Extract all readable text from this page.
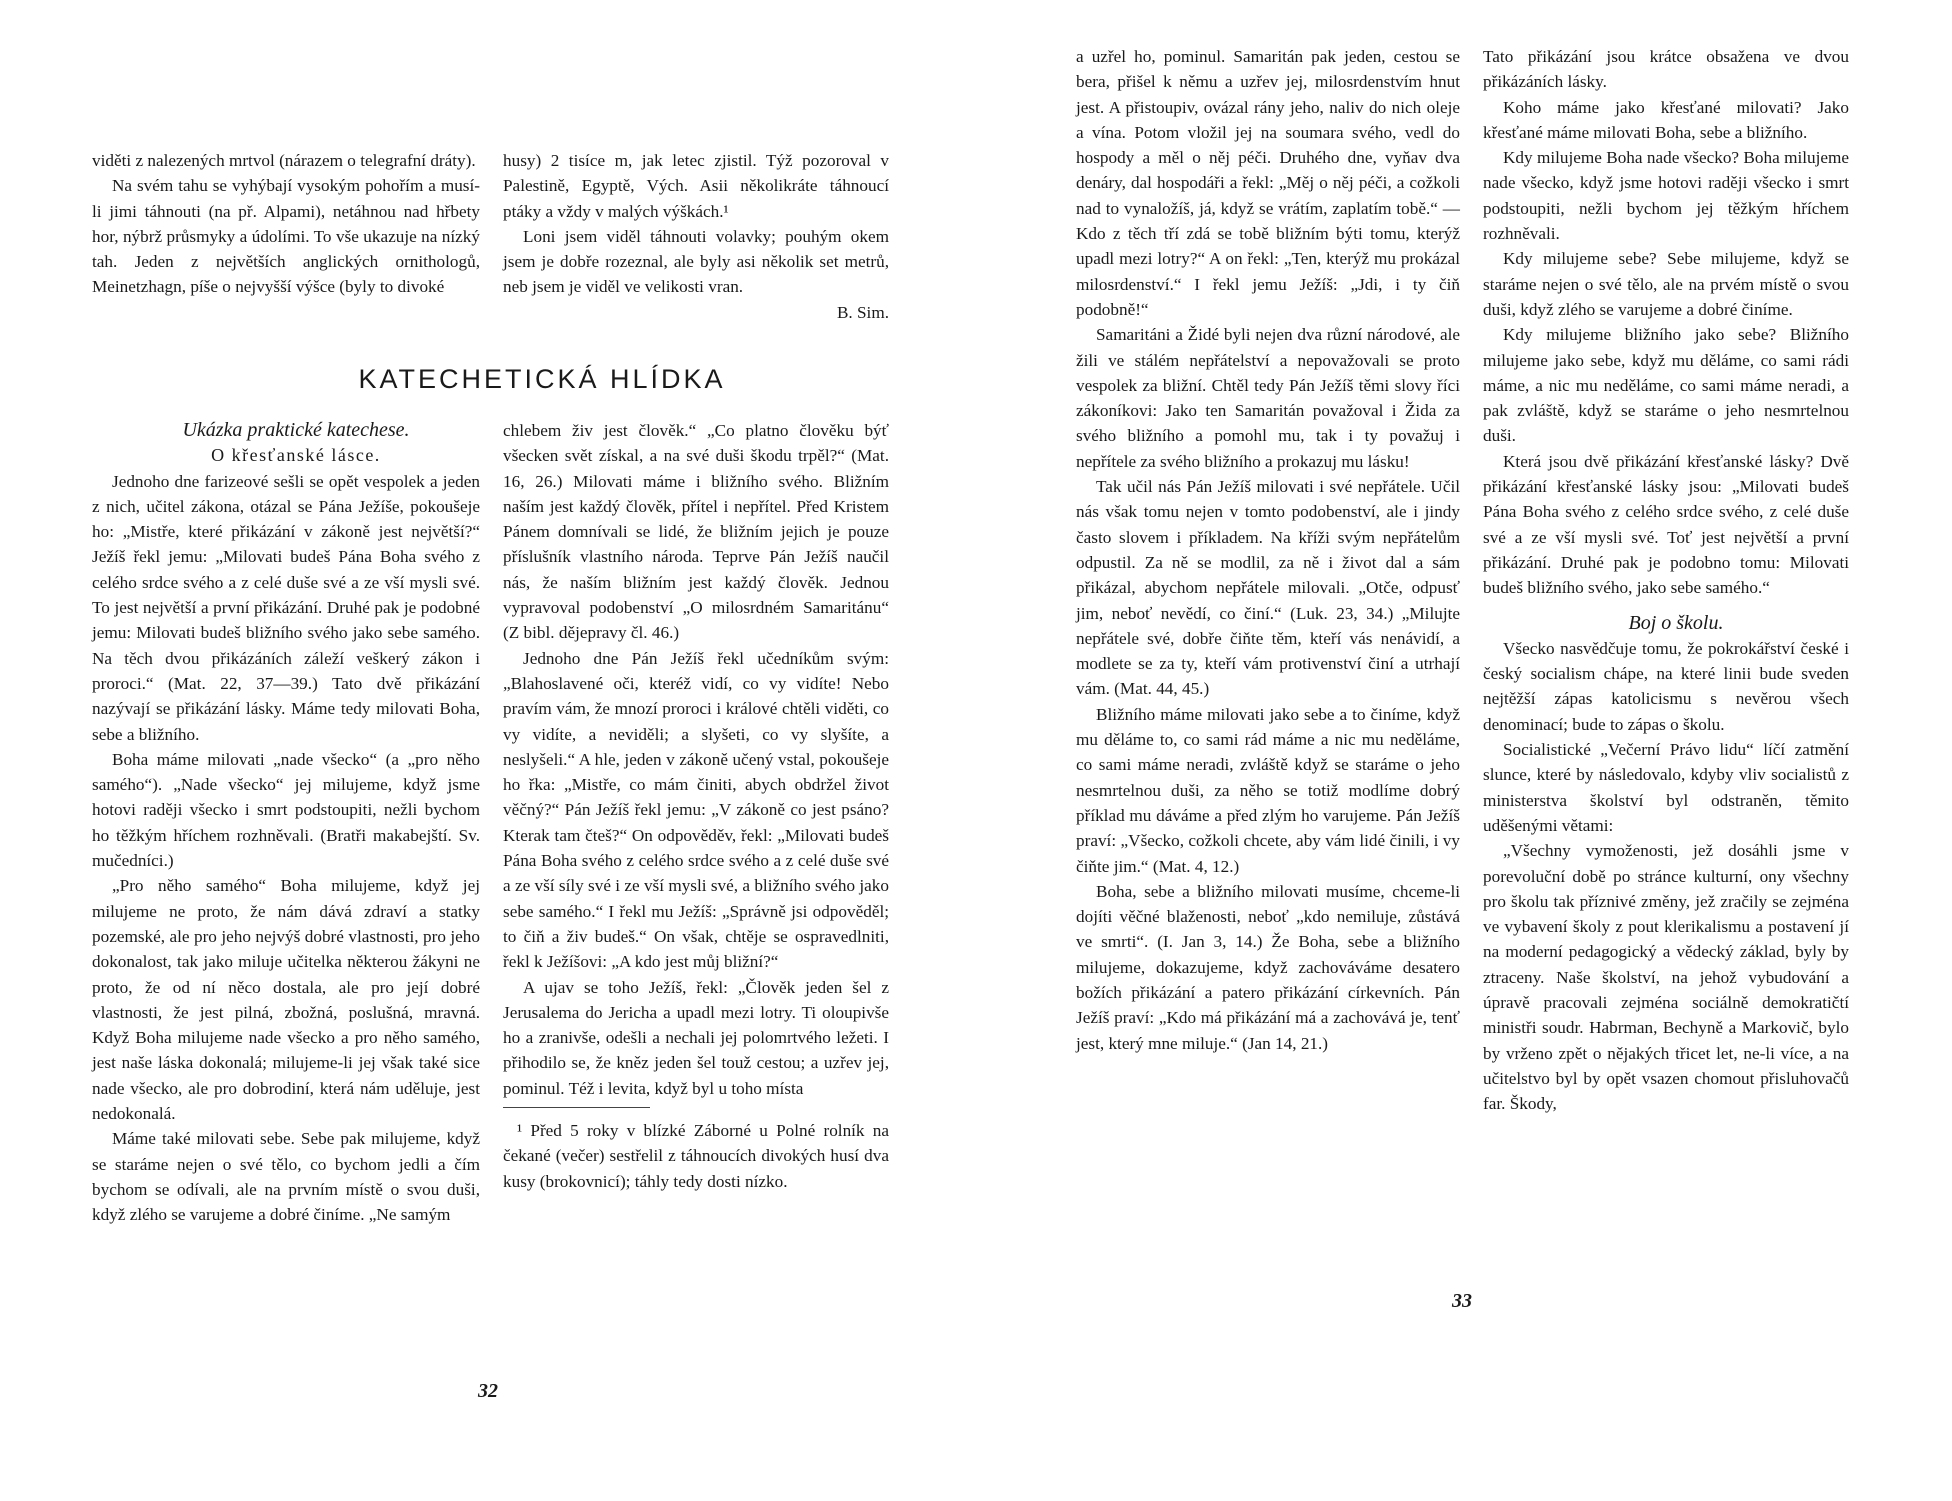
viděti z nalezených mrtvol (nárazem o telegrafní dráty).

Na svém tahu se vyhýbají vysokým pohořím a musí-li jimi táhnouti (na př. Alpami), netáhnou nad hřbety hor, nýbrž průsmyky a údolími. To vše ukazuje na nízký tah. Jeden z největších anglických ornithologů, Meinetzhagn, píše o nejvyšší výšce (byly to divoké

husy) 2 tisíce m, jak letec zjistil. Týž pozoroval v Palestině, Egyptě, Vých. Asii několikráte táhnoucí ptáky a vždy v malých výškách.¹

Loni jsem viděl táhnouti volavky; pouhým okem jsem je dobře rozeznal, ale byly asi několik set metrů, neb jsem je viděl ve velikosti vran.

B. Sim.

KATECHETICKÁ HLÍDKA

Ukázka praktické katechese.

O křesťanské lásce.

Jednoho dne farizeové sešli se opět vespolek a jeden z nich, učitel zákona, otázal se Pána Ježíše, pokoušeje ho: „Mistře, které přikázání v zákoně jest největší?“ Ježíš řekl jemu: „Milovati budeš Pána Boha svého z celého srdce svého a z celé duše své a ze vší mysli své. To jest největší a první přikázání. Druhé pak je podobné jemu: Milovati budeš bližního svého jako sebe samého. Na těch dvou přikázáních záleží veškerý zákon i proroci.“ (Mat. 22, 37—39.) Tato dvě přikázání nazývají se přikázání lásky. Máme tedy milovati Boha, sebe a bližního.

Boha máme milovati „nade všecko“ (a „pro něho samého“). „Nade všecko“ jej milujeme, když jsme hotovi raději všecko i smrt podstoupiti, nežli bychom ho těžkým hříchem rozhněvali. (Bratři makabejští. Sv. mučedníci.)

„Pro něho samého“ Boha milujeme, když jej milujeme ne proto, že nám dává zdraví a statky pozemské, ale pro jeho nejvýš dobré vlastnosti, pro jeho dokonalost, tak jako miluje učitelka některou žákyni ne proto, že od ní něco dostala, ale pro její dobré vlastnosti, že jest pilná, zbožná, poslušná, mravná. Když Boha milujeme nade všecko a pro něho samého, jest naše láska dokonalá; milujeme-li jej však také sice nade všecko, ale pro dobrodiní, která nám uděluje, jest nedokonalá.

Máme také milovati sebe. Sebe pak milujeme, když se staráme nejen o své tělo, co bychom jedli a čím bychom se odívali, ale na prvním místě o svou duši, když zlého se varujeme a dobré činíme. „Ne samým

chlebem živ jest člověk.“ „Co platno člověku býť všecken svět získal, a na své duši škodu trpěl?“ (Mat. 16, 26.) Milovati máme i bližního svého. Bližním naším jest každý člověk, přítel i nepřítel. Před Kristem Pánem domnívali se lidé, že bližním jejich je pouze příslušník vlastního národa. Teprve Pán Ježíš naučil nás, že naším bližním jest každý člověk. Jednou vypravoval podobenství „O milosrdném Samaritánu“ (Z bibl. dějepravy čl. 46.)

Jednoho dne Pán Ježíš řekl učedníkům svým: „Blahoslavené oči, kteréž vidí, co vy vidíte! Nebo pravím vám, že mnozí proroci i králové chtěli viděti, co vy vidíte, a neviděli; a slyšeti, co vy slyšíte, a neslyšeli.“ A hle, jeden v zákoně učený vstal, pokoušeje ho řka: „Mistře, co mám činiti, abych obdržel život věčný?“ Pán Ježíš řekl jemu: „V zákoně co jest psáno? Kterak tam čteš?“ On odpověděv, řekl: „Milovati budeš Pána Boha svého z celého srdce svého a z celé duše své a ze vší síly své i ze vší mysli své, a bližního svého jako sebe samého.“ I řekl mu Ježíš: „Správně jsi odpověděl; to čiň a živ budeš.“ On však, chtěje se ospravedlniti, řekl k Ježíšovi: „A kdo jest můj bližní?“

A ujav se toho Ježíš, řekl: „Člověk jeden šel z Jerusalema do Jericha a upadl mezi lotry. Ti oloupivše ho a zranivše, odešli a nechali jej polomrtvého ležeti. I přihodilo se, že kněz jeden šel touž cestou; a uzřev jej, pominul. Též i levita, když byl u toho místa

¹ Před 5 roky v blízké Záborné u Polné rolník na čekané (večer) sestřelil z táhnoucích divokých husí dva kusy (brokovnicí); táhly tedy dosti nízko.

32

a uzřel ho, pominul. Samaritán pak jeden, cestou se bera, přišel k němu a uzřev jej, milosrdenstvím hnut jest. A přistoupiv, ovázal rány jeho, naliv do nich oleje a vína. Potom vložil jej na soumara svého, vedl do hospody a měl o něj péči. Druhého dne, vyňav dva denáry, dal hospodáři a řekl: „Měj o něj péči, a cožkoli nad to vynaložíš, já, když se vrátím, zaplatím tobě.“ — Kdo z těch tří zdá se tobě bližním býti tomu, kterýž upadl mezi lotry?“ A on řekl: „Ten, kterýž mu prokázal milosrdenství.“ I řekl jemu Ježíš: „Jdi, i ty čiň podobně!“

Samaritáni a Židé byli nejen dva různí národové, ale žili ve stálém nepřátelství a nepovažovali se proto vespolek za bližní. Chtěl tedy Pán Ježíš těmi slovy říci zákoníkovi: Jako ten Samaritán považoval i Žida za svého bližního a pomohl mu, tak i ty považuj i nepřítele za svého bližního a prokazuj mu lásku!

Tak učil nás Pán Ježíš milovati i své nepřátele. Učil nás však tomu nejen v tomto podobenství, ale i jindy často slovem i příkladem. Na kříži svým nepřátelům odpustil. Za ně se modlil, za ně i život dal a sám přikázal, abychom nepřátele milovali. „Otče, odpusť jim, neboť nevědí, co činí.“ (Luk. 23, 34.) „Milujte nepřátele své, dobře čiňte těm, kteří vás nenávidí, a modlete se za ty, kteří vám protivenství činí a utrhají vám. (Mat. 44, 45.)

Bližního máme milovati jako sebe a to činíme, když mu děláme to, co sami rád máme a nic mu neděláme, co sami máme neradi, zvláště když se staráme o jeho nesmrtelnou duši, za něho se totiž modlíme dobrý příklad mu dáváme a před zlým ho varujeme. Pán Ježíš praví: „Všecko, cožkoli chcete, aby vám lidé činili, i vy čiňte jim.“ (Mat. 4, 12.)

Boha, sebe a bližního milovati musíme, chceme-li dojíti věčné blaženosti, neboť „kdo nemiluje, zůstává ve smrti“. (I. Jan 3, 14.) Že Boha, sebe a bližního milujeme, dokazujeme, když zachováváme desatero božích přikázání a patero přikázání církevních. Pán Ježíš praví: „Kdo má přikázání má a zachovává je, tenť jest, který mne miluje.“ (Jan 14, 21.)

Tato přikázání jsou krátce obsažena ve dvou přikázáních lásky.

Koho máme jako křesťané milovati? Jako křesťané máme milovati Boha, sebe a bližního.

Kdy milujeme Boha nade všecko? Boha milujeme nade všecko, když jsme hotovi raději všecko i smrt podstoupiti, nežli bychom jej těžkým hříchem rozhněvali.

Kdy milujeme sebe? Sebe milujeme, když se staráme nejen o své tělo, ale na prvém místě o svou duši, když zlého se varujeme a dobré činíme.

Kdy milujeme bližního jako sebe? Bližního milujeme jako sebe, když mu děláme, co sami rádi máme, a nic mu neděláme, co sami máme neradi, a pak zvláště, když se staráme o jeho nesmrtelnou duši.

Která jsou dvě přikázání křesťanské lásky? Dvě přikázání křesťanské lásky jsou: „Milovati budeš Pána Boha svého z celého srdce svého, z celé duše své a ze vší mysli své. Toť jest největší a první přikázání. Druhé pak je podobno tomu: Milovati budeš bližního svého, jako sebe samého.“

Boj o školu.

Všecko nasvědčuje tomu, že pokrokářství české i český socialism chápe, na které linii bude sveden nejtěžší zápas katolicismu s nevěrou všech denominací; bude to zápas o školu.

Socialistické „Večerní Právo lidu“ líčí zatmění slunce, které by následovalo, kdyby vliv socialistů z ministerstva školství byl odstraněn, těmito uděšenými větami:

„Všechny vymoženosti, jež dosáhli jsme v porevoluční době po stránce kulturní, ony všechny pro školu tak příznivé změny, jež zračily se zejména ve vybavení školy z pout klerikalismu a postavení jí na moderní pedagogický a vědecký základ, byly by ztraceny. Naše školství, na jehož vybudování a úpravě pracovali zejména sociálně demokratičtí ministři soudr. Habrman, Bechyně a Markovič, bylo by vrženo zpět o nějakých třicet let, ne-li více, a na učitelstvo byl by opět vsazen chomout přisluhovačů far. Škody,

33
